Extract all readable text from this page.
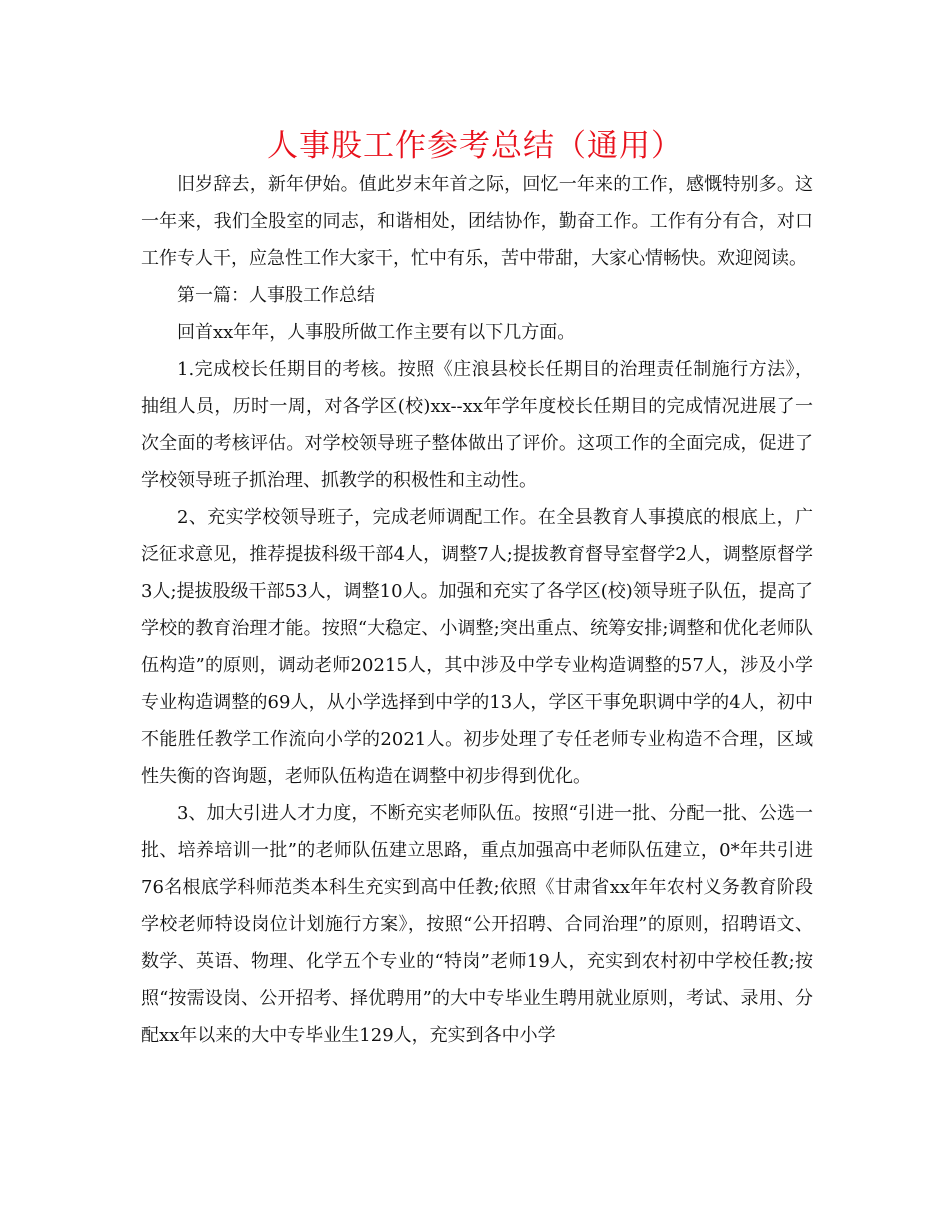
人事股工作参考总结（通用）

旧岁辞去，新年伊始。值此岁末年首之际，回忆一年来的工作，感慨特别多。这一年来，我们全股室的同志，和谐相处，团结协作，勤奋工作。工作有分有合，对口工作专人干，应急性工作大家干，忙中有乐，苦中带甜，大家心情畅快。欢迎阅读。

第一篇：人事股工作总结

回首xx年年，人事股所做工作主要有以下几方面。

1.完成校长任期目的考核。按照《庄浪县校长任期目的治理责任制施行方法》，抽组人员，历时一周，对各学区(校)xx--xx年学年度校长任期目的完成情况进展了一次全面的考核评估。对学校领导班子整体做出了评价。这项工作的全面完成，促进了学校领导班子抓治理、抓教学的积极性和主动性。

2、充实学校领导班子，完成老师调配工作。在全县教育人事摸底的根底上，广泛征求意见，推荐提拔科级干部4人，调整7人;提拔教育督导室督学2人，调整原督学3人;提拔股级干部53人，调整10人。加强和充实了各学区(校)领导班子队伍，提高了学校的教育治理才能。按照“大稳定、小调整;突出重点、统筹安排;调整和优化老师队伍构造”的原则，调动老师20215人，其中涉及中学专业构造调整的57人，涉及小学专业构造调整的69人，从小学选择到中学的13人，学区干事免职调中学的4人，初中不能胜任教学工作流向小学的2021人。初步处理了专任老师专业构造不合理，区域性失衡的咨询题，老师队伍构造在调整中初步得到优化。

3、加大引进人才力度，不断充实老师队伍。按照“引进一批、分配一批、公选一批、培养培训一批”的老师队伍建立思路，重点加强高中老师队伍建立，0*年共引进76名根底学科师范类本科生充实到高中任教;依照《甘肃省xx年年农村义务教育阶段学校老师特设岗位计划施行方案》，按照“公开招聘、合同治理”的原则，招聘语文、数学、英语、物理、化学五个专业的“特岗”老师19人，充实到农村初中学校任教;按照“按需设岗、公开招考、择优聘用”的大中专毕业生聘用就业原则，考试、录用、分配xx年以来的大中专毕业生129人，充实到各中小学
